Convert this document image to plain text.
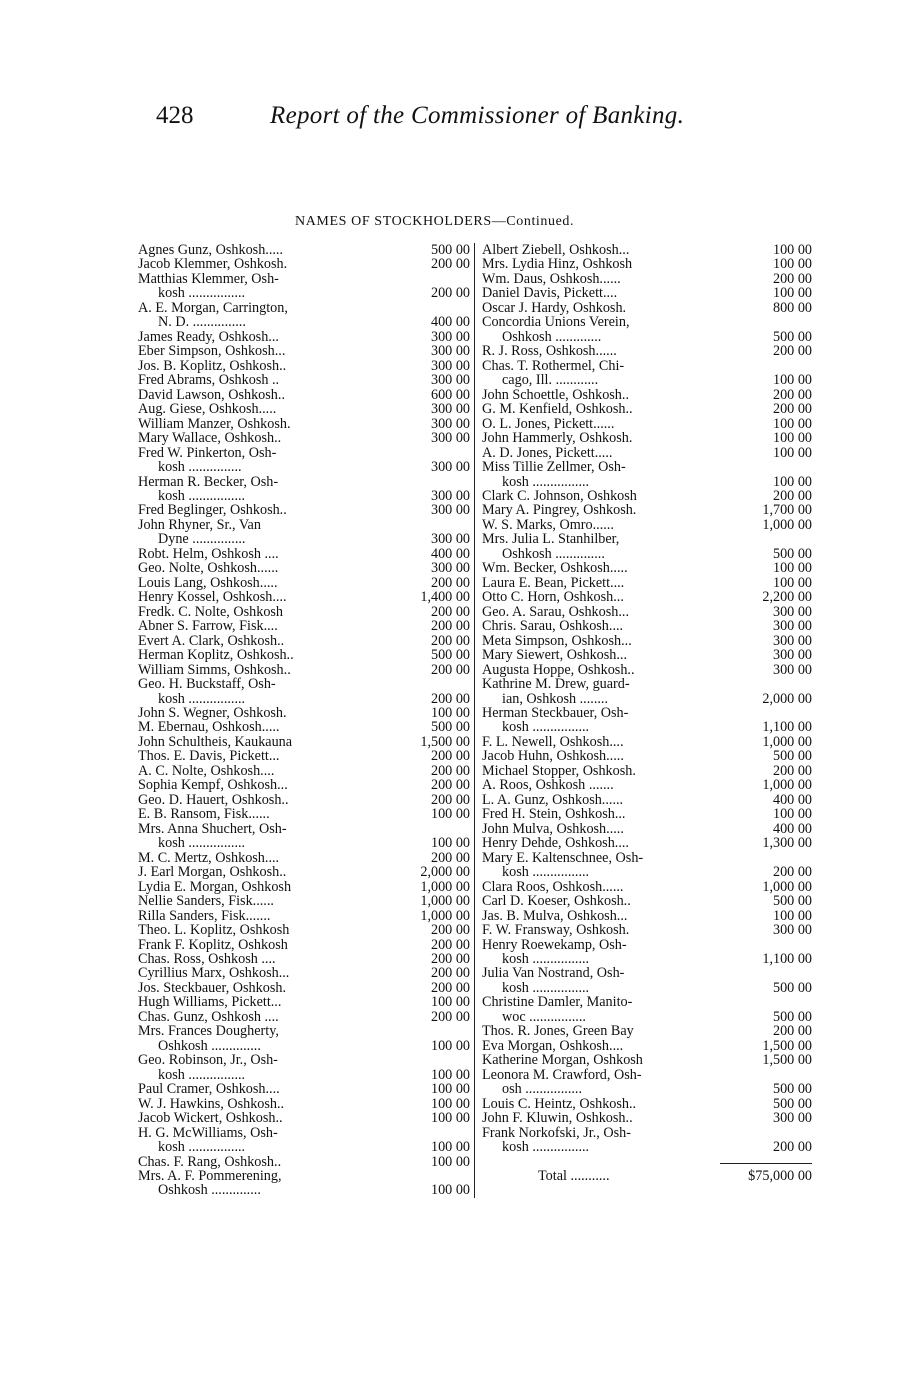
428	Report of the Commissioner of Banking.
NAMES OF STOCKHOLDERS—Continued.
Agnes Gunz, Oshkosh.....	500 00
Jacob Klemmer, Oshkosh.	200 00
Matthias Klemmer, Osh-
kosh ................	200 00
A. E. Morgan, Carrington,
N. D. ...............	400 00
James Ready, Oshkosh...	300 00
Eber Simpson, Oshkosh...	300 00
Jos. B. Koplitz, Oshkosh..	300 00
Fred Abrams, Oshkosh ..	300 00
David Lawson, Oshkosh..	600 00
Aug. Giese, Oshkosh.....	300 00
William Manzer, Oshkosh.	300 00
Mary Wallace, Oshkosh..	300 00
Fred W. Pinkerton, Osh-
kosh ...............	300 00
Herman R. Becker, Osh-
kosh ................	300 00
Fred Beglinger, Oshkosh..	300 00
John Rhyner, Sr., Van
Dyne ...............	300 00
Robt. Helm, Oshkosh ....	400 00
Geo. Nolte, Oshkosh......	300 00
Louis Lang, Oshkosh.....	200 00
Henry Kossel, Oshkosh....	1,400 00
Fredk. C. Nolte, Oshkosh	200 00
Abner S. Farrow, Fisk....	200 00
Evert A. Clark, Oshkosh..	200 00
Herman Koplitz, Oshkosh..	500 00
William Simms, Oshkosh..	200 00
Geo. H. Buckstaff, Osh-
kosh ................	200 00
John S. Wegner, Oshkosh.	100 00
M. Ebernau, Oshkosh.....	500 00
John Schultheis, Kaukauna	1,500 00
Thos. E. Davis, Pickett...	200 00
A. C. Nolte, Oshkosh....	200 00
Sophia Kempf, Oshkosh...	200 00
Geo. D. Hauert, Oshkosh..	200 00
E. B. Ransom, Fisk......	100 00
Mrs. Anna Shuchert, Osh-
kosh ................	100 00
M. C. Mertz, Oshkosh....	200 00
J. Earl Morgan, Oshkosh..	2,000 00
Lydia E. Morgan, Oshkosh	1,000 00
Nellie Sanders, Fisk......	1,000 00
Rilla Sanders, Fisk.......	1,000 00
Theo. L. Koplitz, Oshkosh	200 00
Frank F. Koplitz, Oshkosh	200 00
Chas. Ross, Oshkosh ....	200 00
Cyrillius Marx, Oshkosh...	200 00
Jos. Steckbauer, Oshkosh.	200 00
Hugh Williams, Pickett...	100 00
Chas. Gunz, Oshkosh ....	200 00
Mrs. Frances Dougherty,
Oshkosh ..............	100 00
Geo. Robinson, Jr., Osh-
kosh ................	100 00
Paul Cramer, Oshkosh....	100 00
W. J. Hawkins, Oshkosh..	100 00
Jacob Wickert, Oshkosh..	100 00
H. G. McWilliams, Osh-
kosh ................	100 00
Chas. F. Rang, Oshkosh..	100 00
Mrs. A. F. Pommerening,
Oshkosh ..............	100 00
Albert Ziebell, Oshkosh...	100 00
Mrs. Lydia Hinz, Oshkosh	100 00
Wm. Daus, Oshkosh......	200 00
Daniel Davis, Pickett....	100 00
Oscar J. Hardy, Oshkosh.	800 00
Concordia Unions Verein,
Oshkosh .............	500 00
R. J. Ross, Oshkosh......	200 00
Chas. T. Rothermel, Chi-
cago, Ill. ............	100 00
John Schoettle, Oshkosh..	200 00
G. M. Kenfield, Oshkosh..	200 00
O. L. Jones, Pickett......	100 00
John Hammerly, Oshkosh.	100 00
A. D. Jones, Pickett.....	100 00
Miss Tillie Zellmer, Osh-
kosh ................	100 00
Clark C. Johnson, Oshkosh	200 00
Mary A. Pingrey, Oshkosh.	1,700 00
W. S. Marks, Omro......	1,000 00
Mrs. Julia L. Stanhilber,
Oshkosh ..............	500 00
Wm. Becker, Oshkosh.....	100 00
Laura E. Bean, Pickett....	100 00
Otto C. Horn, Oshkosh...	2,200 00
Geo. A. Sarau, Oshkosh...	300 00
Chris. Sarau, Oshkosh....	300 00
Meta Simpson, Oshkosh...	300 00
Mary Siewert, Oshkosh...	300 00
Augusta Hoppe, Oshkosh..	300 00
Kathrine M. Drew, guard-
ian, Oshkosh ........	2,000 00
Herman Steckbauer, Osh-
kosh ................	1,100 00
F. L. Newell, Oshkosh....	1,000 00
Jacob Huhn, Oshkosh.....	500 00
Michael Stopper, Oshkosh.	200 00
A. Roos, Oshkosh .......	1,000 00
L. A. Gunz, Oshkosh......	400 00
Fred H. Stein, Oshkosh...	100 00
John Mulva, Oshkosh.....	400 00
Henry Dehde, Oshkosh....	1,300 00
Mary E. Kaltenschnee, Osh-
kosh ................	200 00
Clara Roos, Oshkosh......	1,000 00
Carl D. Koeser, Oshkosh..	500 00
Jas. B. Mulva, Oshkosh...	100 00
F. W. Fransway, Oshkosh.	300 00
Henry Roewekamp, Osh-
kosh ................	1,100 00
Julia Van Nostrand, Osh-
kosh ................	500 00
Christine Damler, Manito-
woc ................	500 00
Thos. R. Jones, Green Bay	200 00
Eva Morgan, Oshkosh....	1,500 00
Katherine Morgan, Oshkosh	1,500 00
Leonora M. Crawford, Osh-
osh ................	500 00
Louis C. Heintz, Oshkosh..	500 00
John F. Kluwin, Oshkosh..	300 00
Frank Norkofski, Jr., Osh-
kosh ................	200 00
Total ...........	$75,000 00
